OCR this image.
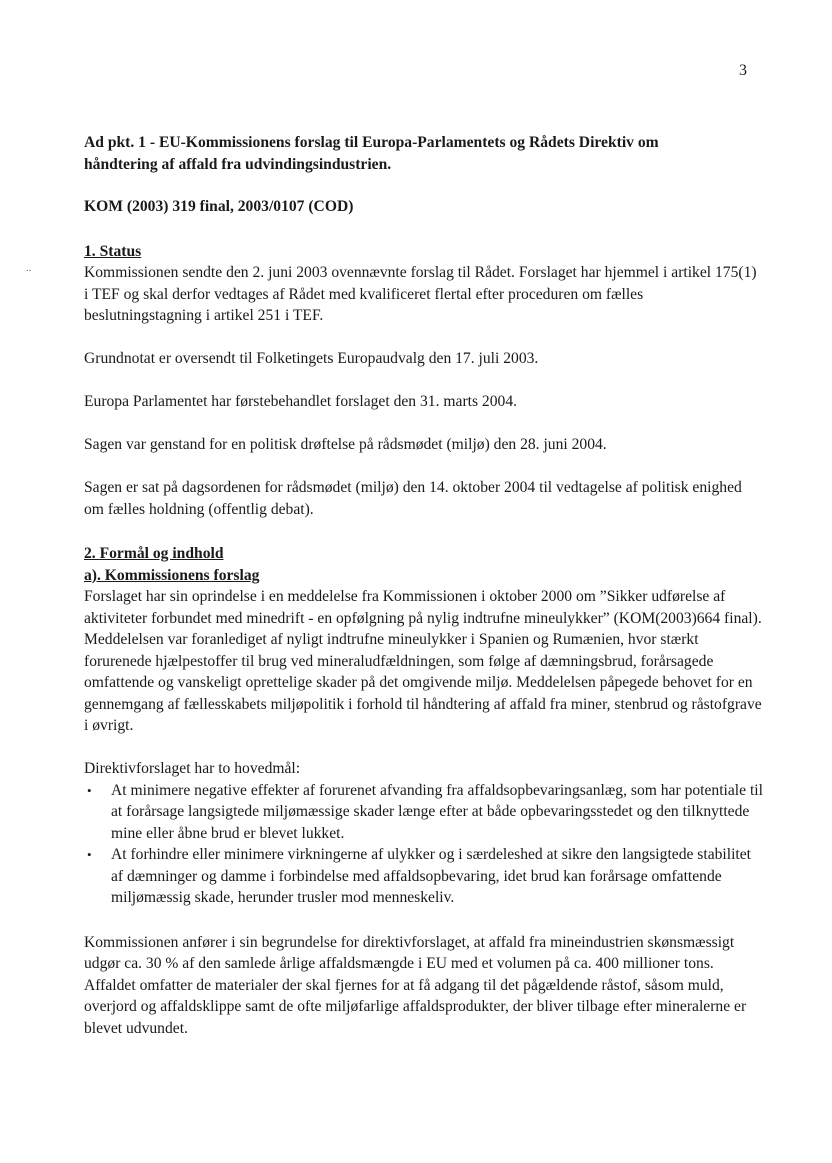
3
..

Ad pkt. 1 - EU-Kommissionens forslag til Europa-Parlamentets og Rådets Direktiv om

håndtering af affald fra udvindingsindustrien.

KOM (2003) 319 final, 2003/0107 (COD)

1. Status

Kommissionen sendte den 2. juni 2003 ovennævnte forslag til Rådet. Forslaget har hjemmel i artikel 175(1) i TEF og skal derfor vedtages af Rådet med kvalificeret flertal efter proceduren om fælles beslutningstagning i artikel 251 i TEF.

Grundnotat er oversendt til Folketingets Europaudvalg den 17. juli 2003.

Europa Parlamentet har førstebehandlet forslaget den 31. marts 2004.

Sagen var genstand for en politisk drøftelse på rådsmødet (miljø) den 28. juni 2004.

Sagen er sat på dagsordenen for rådsmødet (miljø) den 14. oktober 2004 til vedtagelse af politisk enighed om fælles holdning (offentlig debat).

2. Formål og indhold

a). Kommissionens forslag

Forslaget har sin oprindelse i en meddelelse fra Kommissionen i oktober 2000 om ”Sikker udførelse af aktiviteter forbundet med minedrift - en opfølgning på nylig indtrufne mineulykker” (KOM(2003)664 final). Meddelelsen var foranlediget af nyligt indtrufne mineulykker i Spanien og Rumænien, hvor stærkt forurenede hjælpestoffer til brug ved mineraludfældningen, som følge af dæmningsbrud, forårsagede omfattende og vanskeligt oprettelige skader på det omgivende miljø. Meddelelsen påpegede behovet for en gennemgang af fællesskabets miljøpolitik i forhold til håndtering af affald fra miner, stenbrud og råstofgrave i øvrigt.

Direktivforslaget har to hovedmål:

• At minimere negative effekter af forurenet afvanding fra affaldsopbevaringsanlæg, som har potentiale til at forårsage langsigtede miljømæssige skader længe efter at både opbevaringsstedet og den tilknyttede mine eller åbne brud er blevet lukket.
• At forhindre eller minimere virkningerne af ulykker og i særdeleshed at sikre den langsigtede stabilitet af dæmninger og damme i forbindelse med affaldsopbevaring, idet brud kan forårsage omfattende miljømæssig skade, herunder trusler mod menneskeliv.

Kommissionen anfører i sin begrundelse for direktivforslaget, at affald fra mineindustrien skønsmæssigt udgør ca. 30 % af den samlede årlige affaldsmængde i EU med et volumen på ca. 400 millioner tons. Affaldet omfatter de materialer der skal fjernes for at få adgang til det pågældende råstof, såsom muld, overjord og affaldsklippe samt de ofte miljøfarlige affaldsprodukter, der bliver tilbage efter mineralerne er blevet udvundet.
